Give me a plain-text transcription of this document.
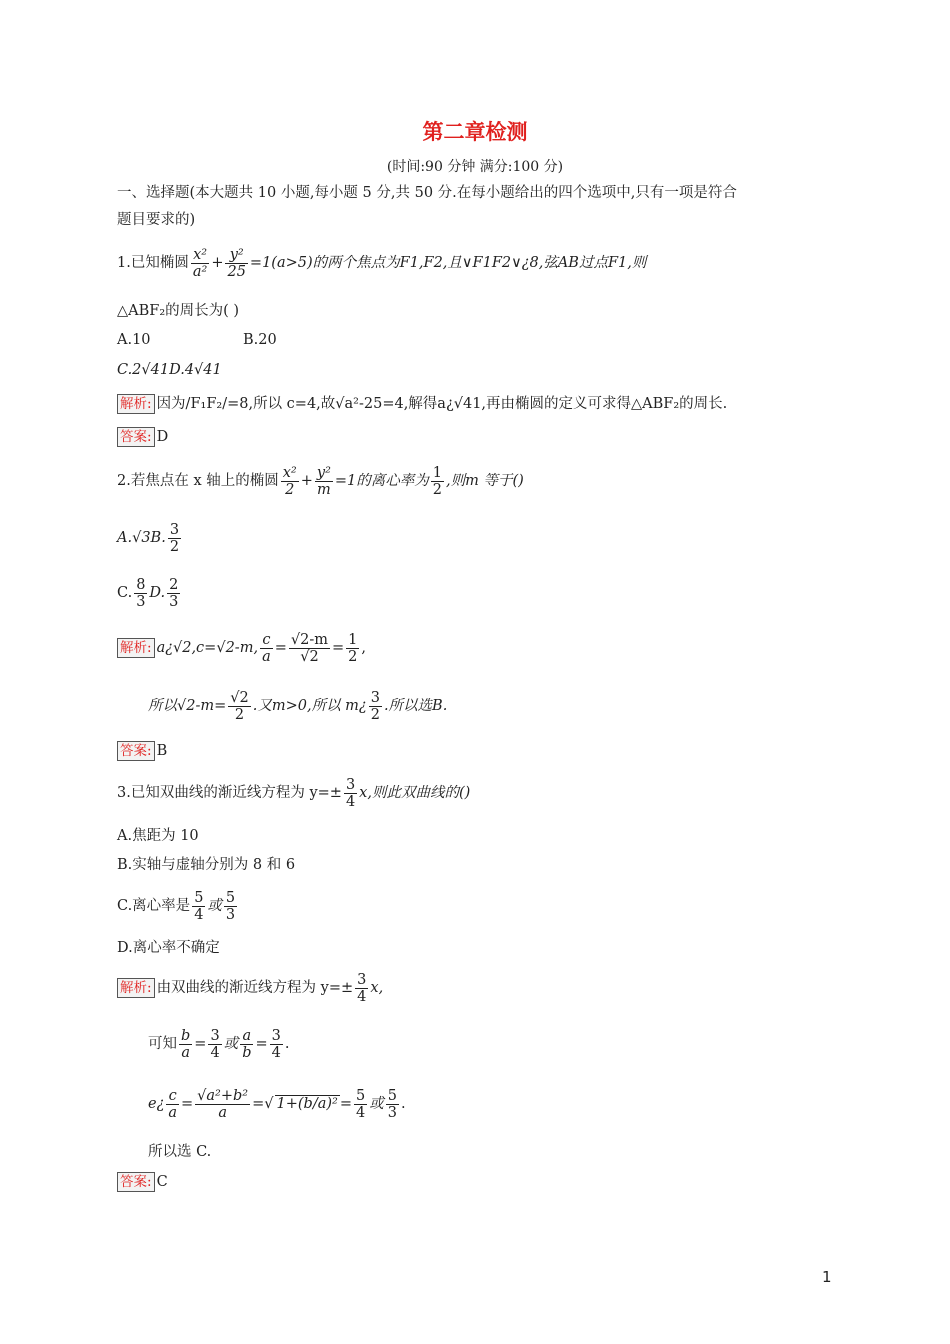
第二章检测
(时间:90 分钟 满分:100 分)
一、选择题(本大题共 10 小题,每小题 5 分,共 50 分.在每小题给出的四个选项中,只有一项是符合
题目要求的)
1.已知椭圆 $\frac{\text{x²}}{\text{a²}} + \frac{\text{y²}}{25} =1(a>5)$的两个焦点为F1,F2,且∨F1F2∨¿8,弦AB过点F1,则
△ABF₂的周长为( )
A.10	B.20
C.2√41D.4√41
解析: 因为/F₁F₂/=8,所以 c=4,故√a²-25=4,解得a¿√41,再由椭圆的定义可求得△ABF₂的周长.
答案: D
2.若焦点在 x 轴上的椭圆 $\frac{\text{x²}}{2} + \frac{\text{y²}}{m} =1$的离心率为 $\frac{1}{2}$ ,则m 等于()
A.√3B. $\frac{3}{2}$
C. $\frac{8}{3} D$. $\frac{2}{3}$
解析: a¿√2,c=√2-m, $\frac{c}{a} = \frac{√2-m}{√2} = \frac{1}{2}$ ,
所以$√2-m= \frac{√2}{2}$ .又m>0,所以 m¿ $\frac{3}{2}$ .所以选B.
答案: B
3.已知双曲线的渐近线方程为 $y=\pm \frac{3}{4} x$,则此双曲线的()
A.焦距为 10
B.实轴与虚轴分别为 8 和 6
C.离心率是 $\frac{5}{4}$ 或 $\frac{5}{3}$
D.离心率不确定
解析: 由双曲线的渐近线方程为 $y=\pm \frac{3}{4} x$,
可知 $\frac{b}{a} = \frac{3}{4}$ 或 $\frac{a}{b} = \frac{3}{4}$ .
e¿ $\frac{c}{a} = \frac{\text{√a²+b²}}{a}$ =√ $1+(b/a)^2 = \frac{5}{4}$ 或 $\frac{5}{3}$ .
所以选 C.
答案: C
1
